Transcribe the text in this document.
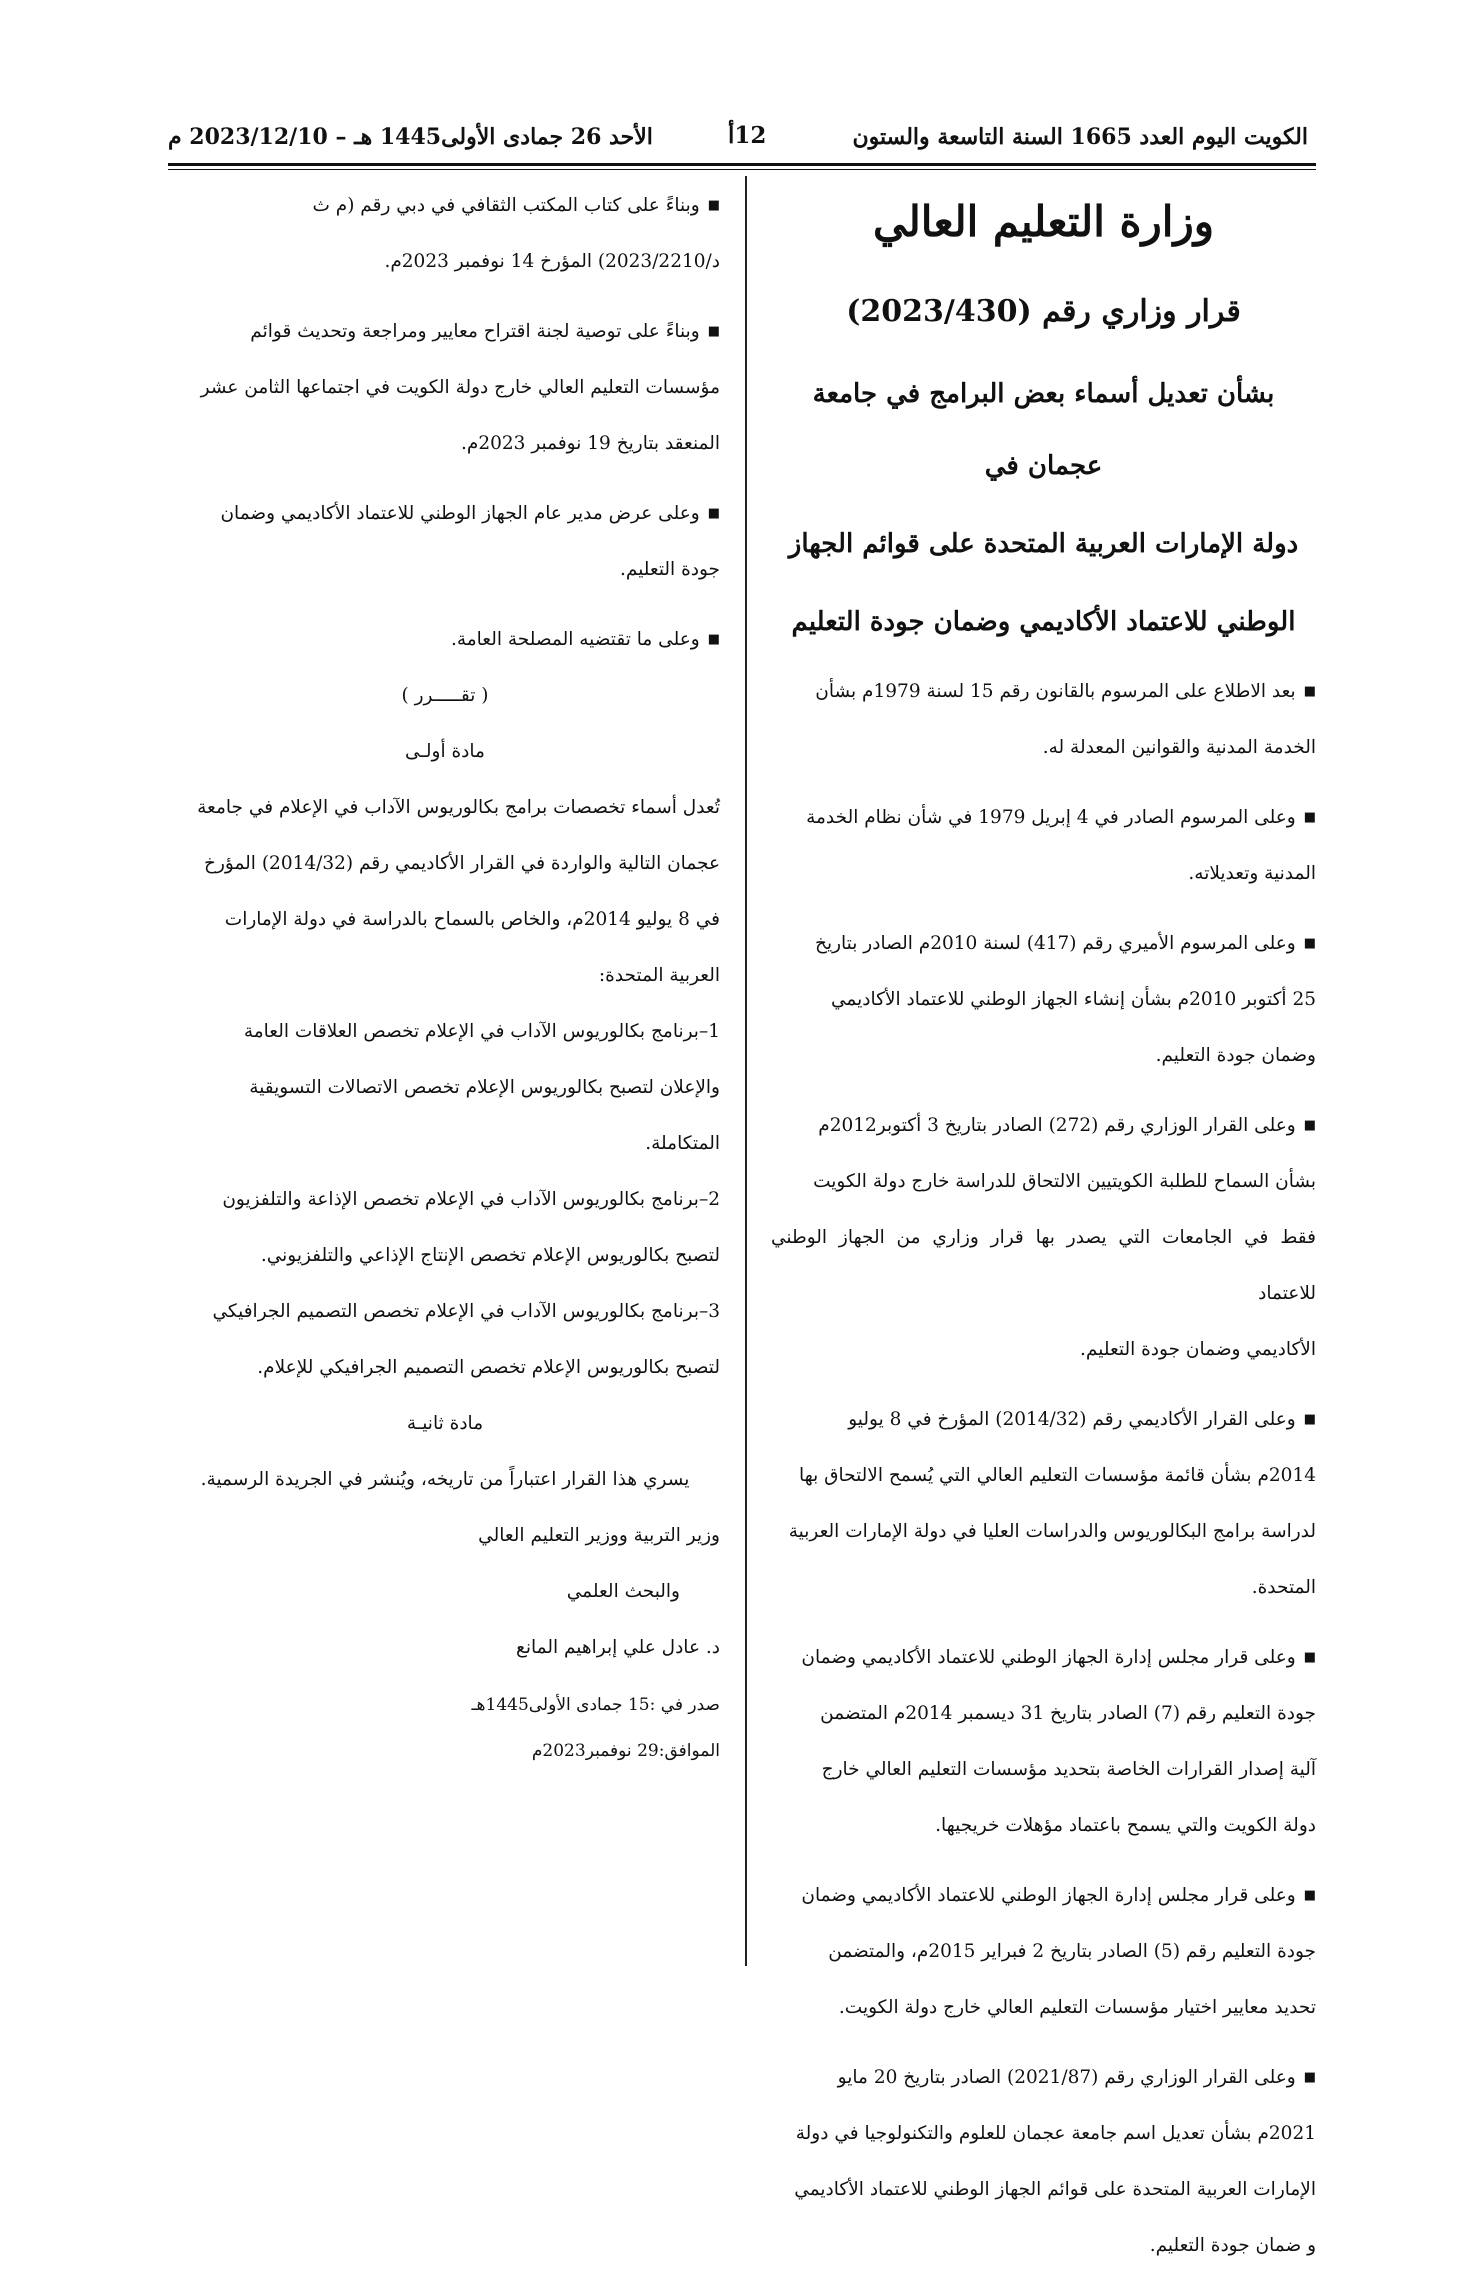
الكويت اليوم العدد 1665 السنة التاسعة والستون
12أ
الأحد 26 جمادى الأولى1445 هـ – 2023/12/10 م
وزارة التعليم العالي
قرار وزاري رقم (2023/430)
بشأن تعديل أسماء بعض البرامج في جامعة عجمان في
دولة الإمارات العربية المتحدة على قوائم الجهاز
الوطني للاعتماد الأكاديمي وضمان جودة التعليم
■بعد الاطلاع على المرسوم بالقانون رقم 15 لسنة 1979م بشأن
الخدمة المدنية والقوانين المعدلة له.
■وعلى المرسوم الصادر في 4 إبريل 1979 في شأن نظام الخدمة
المدنية وتعديلاته.
■وعلى المرسوم الأميري رقم (417) لسنة 2010م الصادر بتاريخ
25 أكتوبر 2010م بشأن إنشاء الجهاز الوطني للاعتماد الأكاديمي
وضمان جودة التعليم.
■وعلى القرار الوزاري رقم (272) الصادر بتاريخ 3 أكتوبر2012م
بشأن السماح للطلبة الكويتيين الالتحاق للدراسة خارج دولة الكويت
فقط في الجامعات التي يصدر بها قرار وزاري من الجهاز الوطني للاعتماد
الأكاديمي وضمان جودة التعليم.
■وعلى القرار الأكاديمي رقم (2014/32) المؤرخ في 8 يوليو
2014م بشأن قائمة مؤسسات التعليم العالي التي يُسمح الالتحاق بها
لدراسة برامج البكالوريوس والدراسات العليا في دولة الإمارات العربية
المتحدة.
■وعلى قرار مجلس إدارة الجهاز الوطني للاعتماد الأكاديمي وضمان
جودة التعليم رقم (7) الصادر بتاريخ 31 ديسمبر 2014م المتضمن
آلية إصدار القرارات الخاصة بتحديد مؤسسات التعليم العالي خارج
دولة الكويت والتي يسمح باعتماد مؤهلات خريجيها.
■وعلى قرار مجلس إدارة الجهاز الوطني للاعتماد الأكاديمي وضمان
جودة التعليم رقم (5) الصادر بتاريخ 2 فبراير 2015م، والمتضمن
تحديد معايير اختيار مؤسسات التعليم العالي خارج دولة الكويت.
■وعلى القرار الوزاري رقم (2021/87) الصادر بتاريخ 20 مايو
2021م بشأن تعديل اسم جامعة عجمان للعلوم والتكنولوجيا في دولة
الإمارات العربية المتحدة على قوائم الجهاز الوطني للاعتماد الأكاديمي
و ضمان جودة التعليم.
■وبناءً على كتاب المكتب الثقافي في دبي رقم (م ث
د/2023/2210) المؤرخ 14 نوفمبر 2023م.
■وبناءً على توصية لجنة اقتراح معايير ومراجعة وتحديث قوائم
مؤسسات التعليم العالي خارج دولة الكويت في اجتماعها الثامن عشر
المنعقد بتاريخ 19 نوفمبر 2023م.
■وعلى عرض مدير عام الجهاز الوطني للاعتماد الأكاديمي وضمان
جودة التعليم.
■وعلى ما تقتضيه المصلحة العامة.
( تقـــــرر )
مادة أولـى
تُعدل أسماء تخصصات برامج بكالوريوس الآداب في الإعلام في جامعة
عجمان التالية والواردة في القرار الأكاديمي رقم (2014/32) المؤرخ
في 8 يوليو 2014م، والخاص بالسماح بالدراسة في دولة الإمارات
العربية المتحدة:
1–برنامج بكالوريوس الآداب في الإعلام تخصص العلاقات العامة
والإعلان لتصبح بكالوريوس الإعلام تخصص الاتصالات التسويقية
المتكاملة.
2–برنامج بكالوريوس الآداب في الإعلام تخصص الإذاعة والتلفزيون
لتصبح بكالوريوس الإعلام تخصص الإنتاج الإذاعي والتلفزيوني.
3–برنامج بكالوريوس الآداب في الإعلام تخصص التصميم الجرافيكي
لتصبح بكالوريوس الإعلام تخصص التصميم الجرافيكي للإعلام.
مادة ثانيـة
يسري هذا القرار اعتباراً من تاريخه، ويُنشر في الجريدة الرسمية.
وزير التربية ووزير التعليم العالي
والبحث العلمي
د. عادل علي إبراهيم المانع
صدر في :15 جمادى الأولى1445هـ
الموافق:29 نوفمبر2023م
